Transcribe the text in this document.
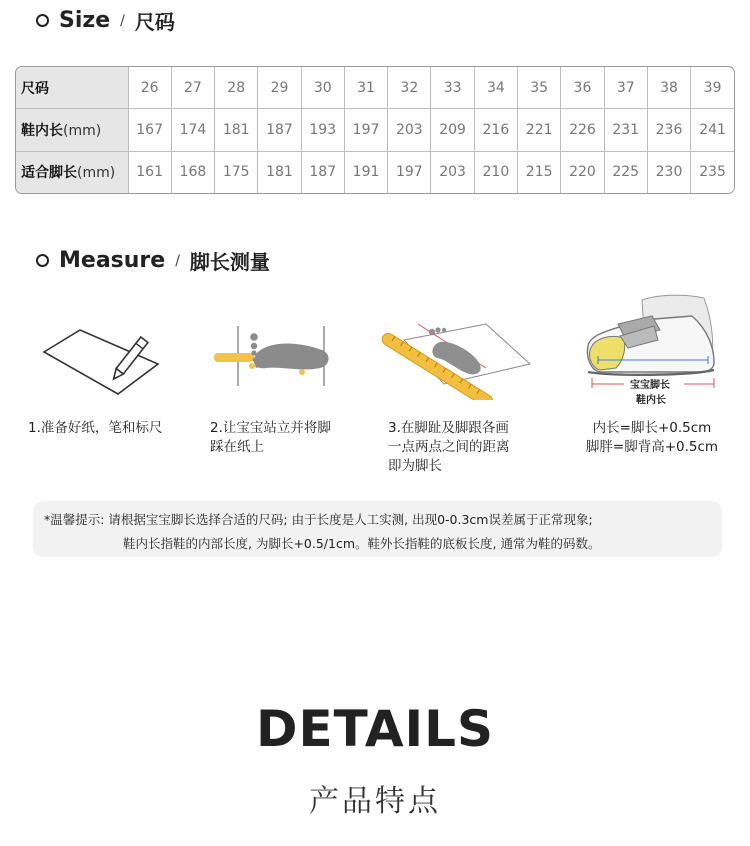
Size / 尺码
尺码	26	27	28	29	30	31	32	33	34	35	36	37	38	39
鞋内长(mm)	167	174	181	187	193	197	203	209	216	221	226	231	236	241
适合脚长(mm)	161	168	175	181	187	191	197	203	210	215	220	225	230	235
Measure / 脚长测量
宝宝脚长
鞋内长
1.准备好纸，笔和标尺	2.让宝宝站立并将脚
踩在纸上
3.在脚趾及脚跟各画
一点两点之间的距离
即为脚长
内长=脚长+0.5cm
脚胖=脚背高+0.5cm
*温馨提示: 请根据宝宝脚长选择合适的尺码; 由于长度是人工实测, 出现0-0.3cm误差属于正常现象;
鞋内长指鞋的内部长度, 为脚长+0.5/1cm。鞋外长指鞋的底板长度, 通常为鞋的码数。
DETAILS
产品特点
